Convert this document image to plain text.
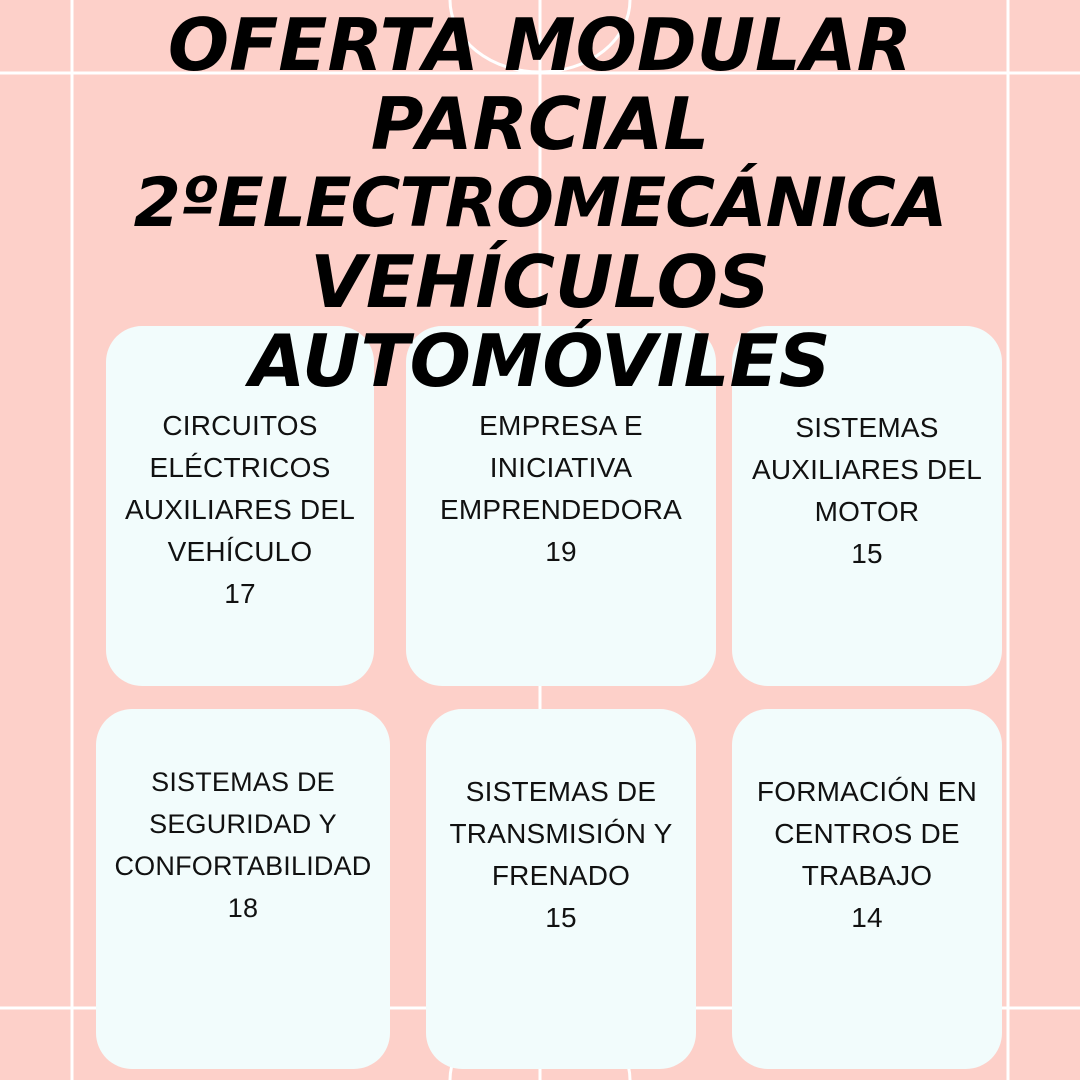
OFERTA MODULAR
PARCIAL
2ºELECTROMECÁNICA
VEHÍCULOS
AUTOMÓVILES
CIRCUITOS ELÉCTRICOS AUXILIARES DEL VEHÍCULO
17
EMPRESA E INICIATIVA EMPRENDEDORA
19
SISTEMAS AUXILIARES DEL MOTOR
15
SISTEMAS DE SEGURIDAD Y CONFORTABILIDAD
18
SISTEMAS DE TRANSMISIÓN Y FRENADO
15
FORMACIÓN EN CENTROS DE TRABAJO
14
